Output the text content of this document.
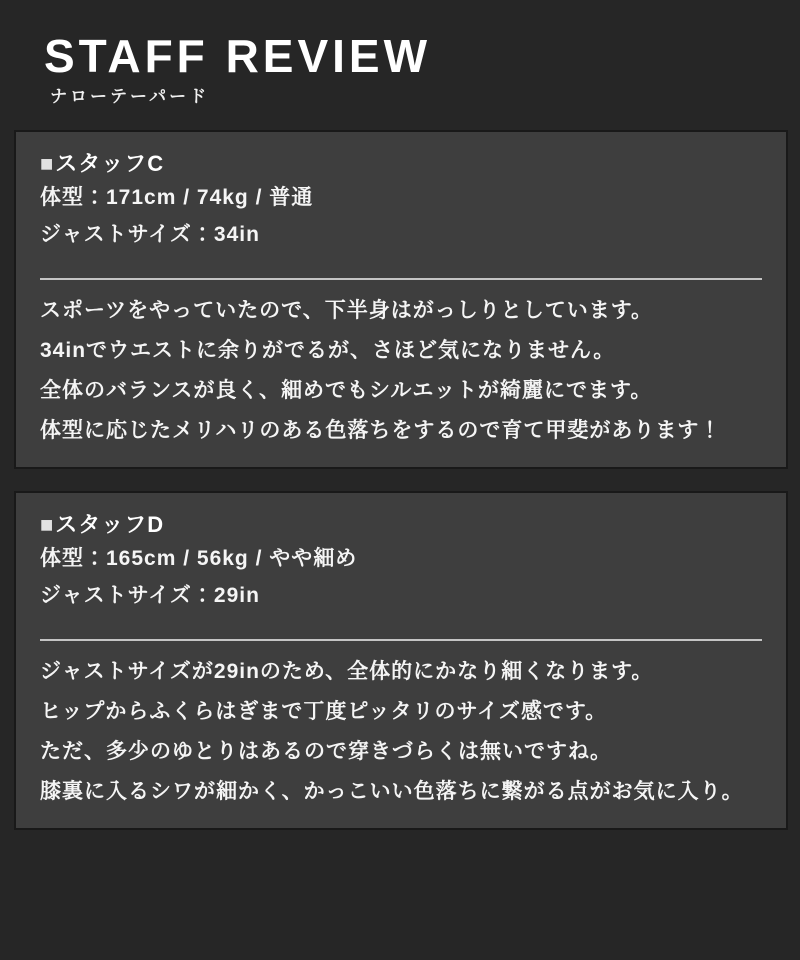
STAFF REVIEW
ナローテーパード
■スタッフC
体型：171cm / 74kg / 普通
ジャストサイズ：34in
スポーツをやっていたので、下半身はがっしりとしています。
34inでウエストに余りがでるが、さほど気になりません。
全体のバランスが良く、細めでもシルエットが綺麗にでます。
体型に応じたメリハリのある色落ちをするので育て甲斐があります！
■スタッフD
体型：165cm / 56kg / やや細め
ジャストサイズ：29in
ジャストサイズが29inのため、全体的にかなり細くなります。
ヒップからふくらはぎまで丁度ピッタリのサイズ感です。
ただ、多少のゆとりはあるので穿きづらくは無いですね。
膝裏に入るシワが細かく、かっこいい色落ちに繋がる点がお気に入り。
